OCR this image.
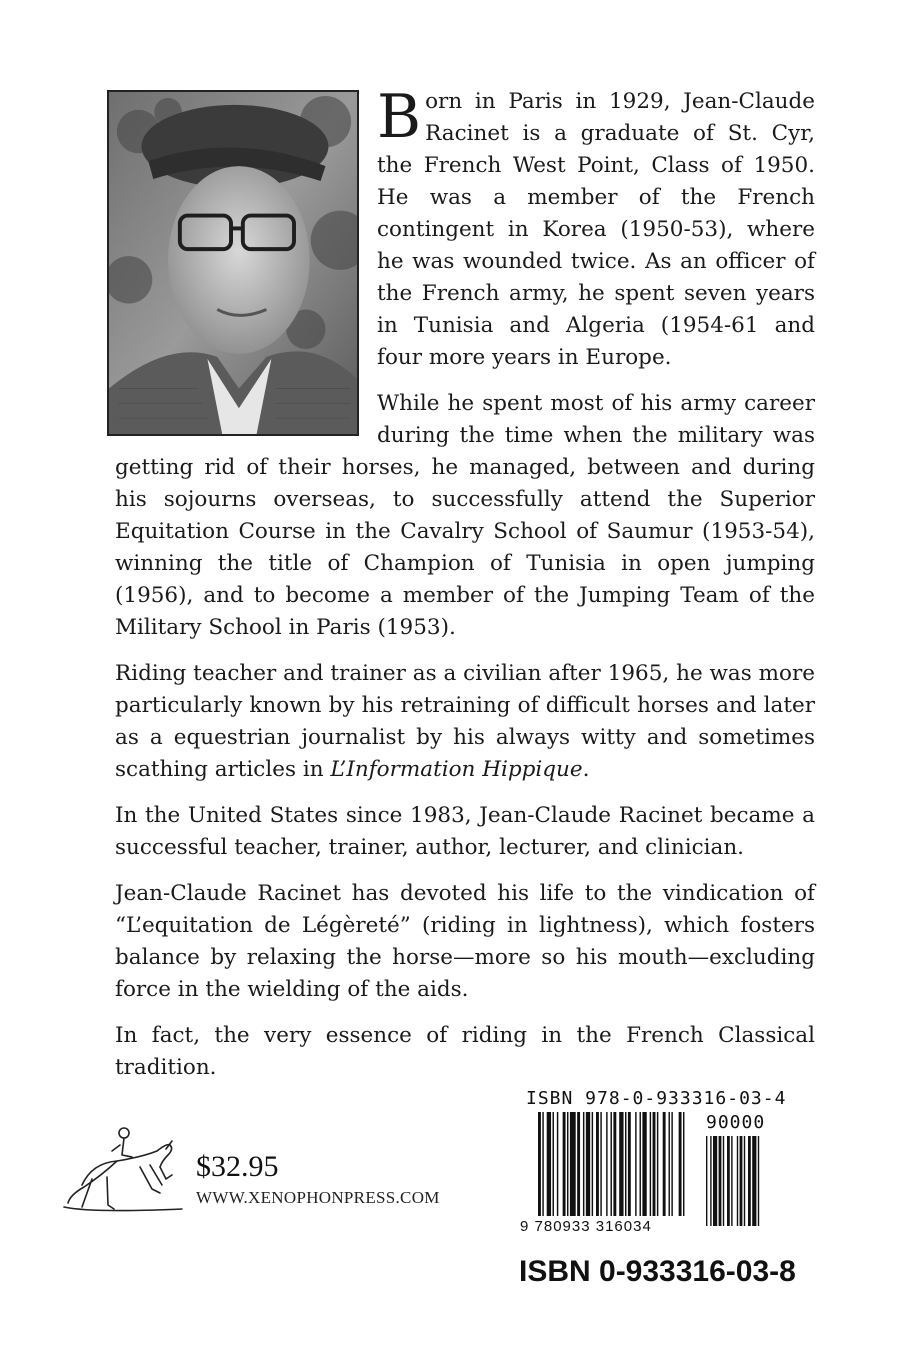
Born in Paris in 1929, Jean-Claude Racinet is a graduate of St. Cyr, the French West Point, Class of 1950. He was a member of the French contingent in Korea (1950-53), where he was wounded twice. As an officer of the French army, he spent seven years in Tunisia and Algeria (1954-61 and four more years in Europe.

While he spent most of his army career during the time when the military was getting rid of their horses, he managed, between and during his sojourns overseas, to successfully attend the Superior Equitation Course in the Cavalry School of Saumur (1953-54), winning the title of Champion of Tunisia in open jumping (1956), and to become a member of the Jumping Team of the Military School in Paris (1953).

Riding teacher and trainer as a civilian after 1965, he was more particularly known by his retraining of difficult horses and later as a equestrian journalist by his always witty and sometimes scathing articles in L’Information Hippique.

In the United States since 1983, Jean-Claude Racinet became a successful teacher, trainer, author, lecturer, and clinician.

Jean-Claude Racinet has devoted his life to the vindication of “L’equitation de Légèreté” (riding in lightness), which fosters balance by relaxing the horse—more so his mouth—excluding force in the wielding of the aids.

In fact, the very essence of riding in the French Classical tradition.

$32.95
WWW.XENOPHONPRESS.COM
ISBN 978-0-933316-03-4
90000
9 780933 316034
ISBN 0-933316-03-8
